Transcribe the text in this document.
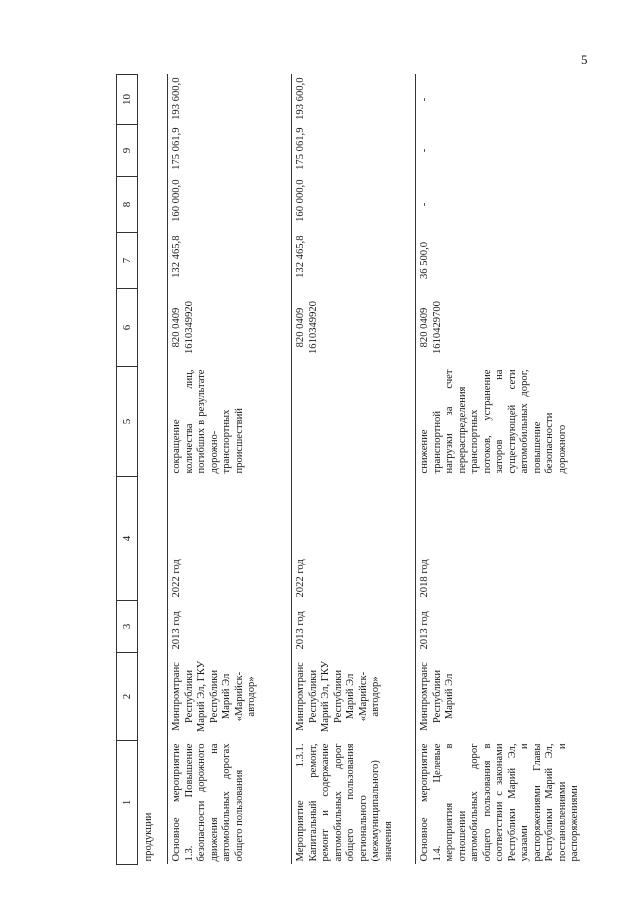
5
1	2	3	4	5	6	7	8	9	10
продукции									
Основное мероприятие 1.3. Повышение безопасности дорожного движения на автомобильных дорогах общего пользования	Минпромтранс Республики Марий Эл, ГКУ Республики Марий Эл «Марийск-автодор»	2013 год	2022 год	сокращение количества лиц, погибших в результате дорожно-транспортных происшествий	820 0409 1610349920	132 465,8	160 000,0	175 061,9	193 600,0
Мероприятие 1.3.1. Капитальный ремонт, ремонт и содержание автомобильных дорог общего пользования регионального (межмуниципального) значения	Минпромтранс Республики Марий Эл, ГКУ Республики Марий Эл «Марийск-автодор»	2013 год	2022 год		820 0409 1610349920	132 465,8	160 000,0	175 061,9	193 600,0
Основное мероприятие 1.4. Целевые мероприятия в отношении автомобильных дорог общего пользования в соответствии с законами Республики Марий Эл, указами и распоряжениями Главы Республики Марий Эл, постановлениями и распоряжениями	Минпромтранс Республики Марий Эл	2013 год	2018 год	снижение транспортной нагрузки за счет перераспределения транспортных потоков, устранение заторов на существующей сети автомобильных дорог, повышение безопасности дорожного	820 0409 1610429700	36 500,0	-	-	-
